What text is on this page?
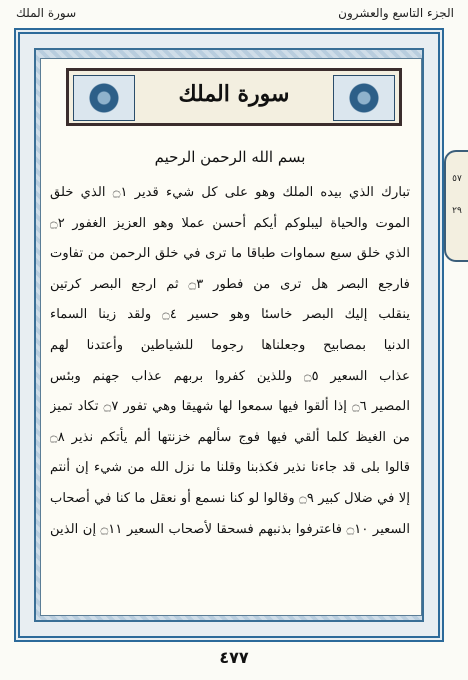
الجزء التاسع والعشرون
سورة الملك
سورة الملك
بسم الله الرحمن الرحيم
تبارك الذي بيده الملك وهو على كل شيء قدير ۝١ الذي خلق
الموت والحياة ليبلوكم أيكم أحسن عملا وهو العزيز الغفور ۝٢
الذي خلق سبع سماوات طباقا ما ترى في خلق الرحمن من تفاوت
فارجع البصر هل ترى من فطور ۝٣ ثم ارجع البصر كرتين
ينقلب إليك البصر خاسئا وهو حسير ۝٤ ولقد زينا السماء
الدنيا بمصابيح وجعلناها رجوما للشياطين وأعتدنا لهم
عذاب السعير ۝٥ وللذين كفروا بربهم عذاب جهنم وبئس
المصير ۝٦ إذا ألقوا فيها سمعوا لها شهيقا وهي تفور ۝٧ تكاد تميز
من الغيظ كلما ألقي فيها فوج سألهم خزنتها ألم يأتكم نذير ۝٨
قالوا بلى قد جاءنا نذير فكذبنا وقلنا ما نزل الله من شيء إن أنتم
إلا في ضلال كبير ۝٩ وقالوا لو كنا نسمع أو نعقل ما كنا في أصحاب
السعير ۝١٠ فاعترفوا بذنبهم فسحقا لأصحاب السعير ۝١١ إن الذين
٥٧
٢٩
٤٧٧
